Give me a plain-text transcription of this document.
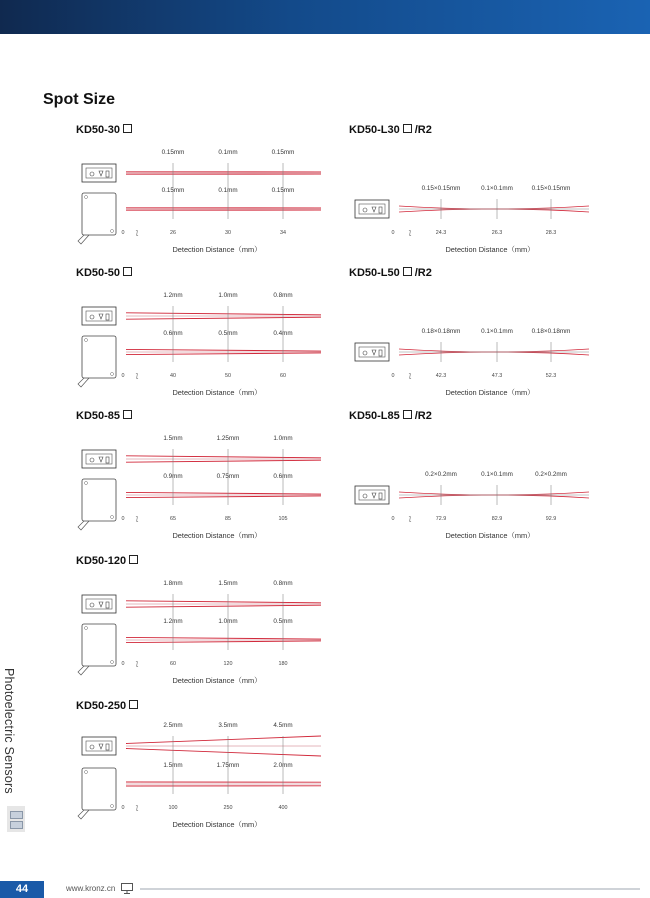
Spot Size
Photoelectric Sensors
KD50-30
0.15mm
0.15mm
26
0.1mm
0.1mm
30
0.15mm
0.15mm
34
0
Detection Distance（mm）
KD50-50
1.2mm
0.6mm
40
1.0mm
0.5mm
50
0.8mm
0.4mm
60
0
Detection Distance（mm）
KD50-85
1.5mm
0.9mm
65
1.25mm
0.75mm
85
1.0mm
0.6mm
105
0
Detection Distance（mm）
KD50-120
1.8mm
1.2mm
60
1.5mm
1.0mm
120
0.8mm
0.5mm
180
0
Detection Distance（mm）
KD50-250
2.5mm
1.5mm
100
3.5mm
1.75mm
250
4.5mm
2.0mm
400
0
Detection Distance（mm）
KD50-L30 /R2
0.15×0.15mm
24.3
0.1×0.1mm
26.3
0.15×0.15mm
28.3
0
Detection Distance（mm）
KD50-L50 /R2
0.18×0.18mm
42.3
0.1×0.1mm
47.3
0.18×0.18mm
52.3
0
Detection Distance（mm）
KD50-L85 /R2
0.2×0.2mm
72.9
0.1×0.1mm
82.9
0.2×0.2mm
92.9
0
Detection Distance（mm）
44	www.kronz.cn
